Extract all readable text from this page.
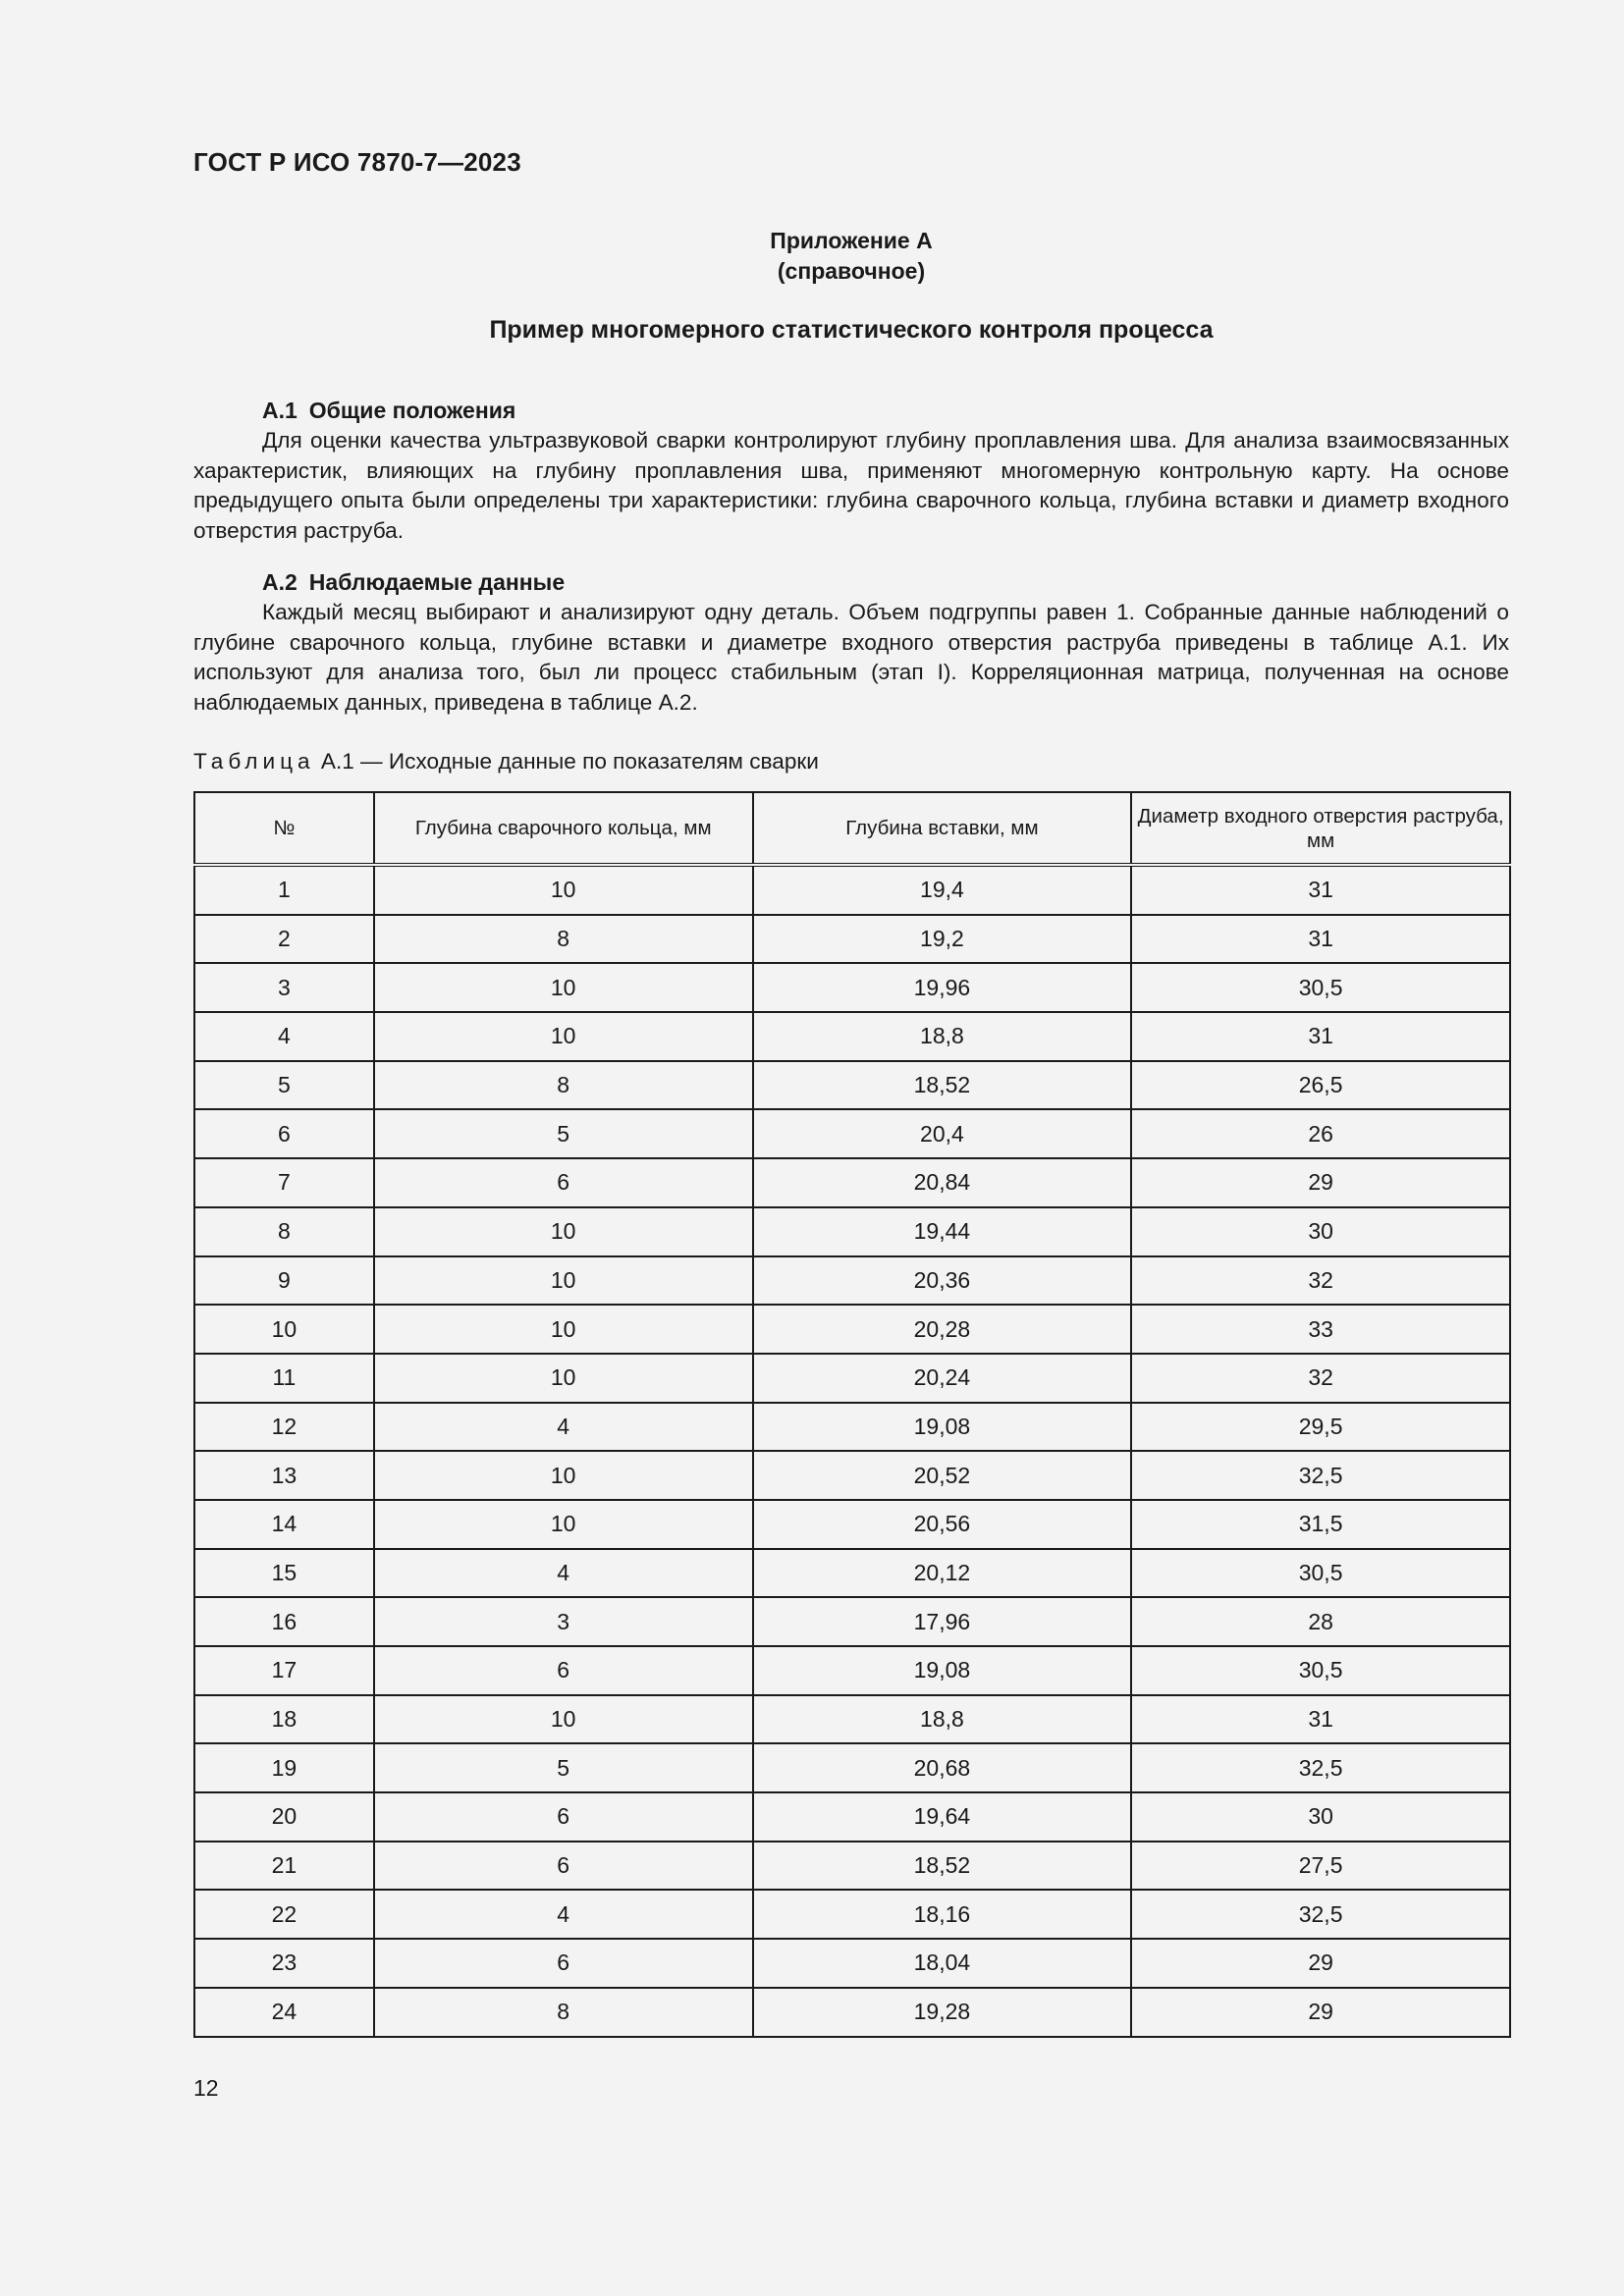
ГОСТ Р ИСО 7870-7—2023
Приложение А
(справочное)
Пример многомерного статистического контроля процесса
А.1 Общие положения

Для оценки качества ультразвуковой сварки контролируют глубину проплавления шва. Для анализа взаимосвязанных характеристик, влияющих на глубину проплавления шва, применяют многомерную контрольную карту. На основе предыдущего опыта были определены три характеристики: глубина сварочного кольца, глубина вставки и диаметр входного отверстия раструба.

А.2 Наблюдаемые данные

Каждый месяц выбирают и анализируют одну деталь. Объем подгруппы равен 1. Собранные данные наблюдений о глубине сварочного кольца, глубине вставки и диаметре входного отверстия раструба приведены в таблице А.1. Их используют для анализа того, был ли процесс стабильным (этап I). Корреляционная матрица, полученная на основе наблюдаемых данных, приведена в таблице А.2.

Таблица А.1 — Исходные данные по показателям сварки
№	Глубина сварочного кольца, мм	Глубина вставки, мм	Диаметр входного отверстия раструба, мм
1	10	19,4	31
2	8	19,2	31
3	10	19,96	30,5
4	10	18,8	31
5	8	18,52	26,5
6	5	20,4	26
7	6	20,84	29
8	10	19,44	30
9	10	20,36	32
10	10	20,28	33
11	10	20,24	32
12	4	19,08	29,5
13	10	20,52	32,5
14	10	20,56	31,5
15	4	20,12	30,5
16	3	17,96	28
17	6	19,08	30,5
18	10	18,8	31
19	5	20,68	32,5
20	6	19,64	30
21	6	18,52	27,5
22	4	18,16	32,5
23	6	18,04	29
24	8	19,28	29
12
